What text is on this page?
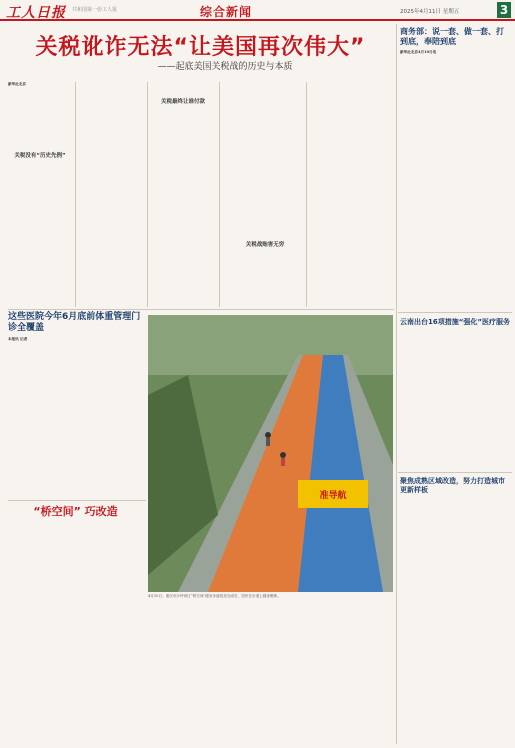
工人日报 共和国第一份工人报	综合新闻	2025年4月11日 星期五	3
关税讹诈无法“让美国再次伟大”
——起底美国关税战的历史与本质

新华社北京

关税没有“历史先例”
关税最终让谁付款
关税战贻害无穷
这些医院今年6月底前体重管理门诊全覆盖

本报讯 记者

“桥空间” 巧改造
准导航
4月10日，重庆市沙坪坝区“桥空间”健身步道改造完成后，居民在步道上健身锻炼。
商务部：说一套、做一套、打到底，奉陪到底

新华社北京4月10日电

云南出台16项措施“强化”医疗服务
聚焦成熟区域改造，努力打造城市更新样板
